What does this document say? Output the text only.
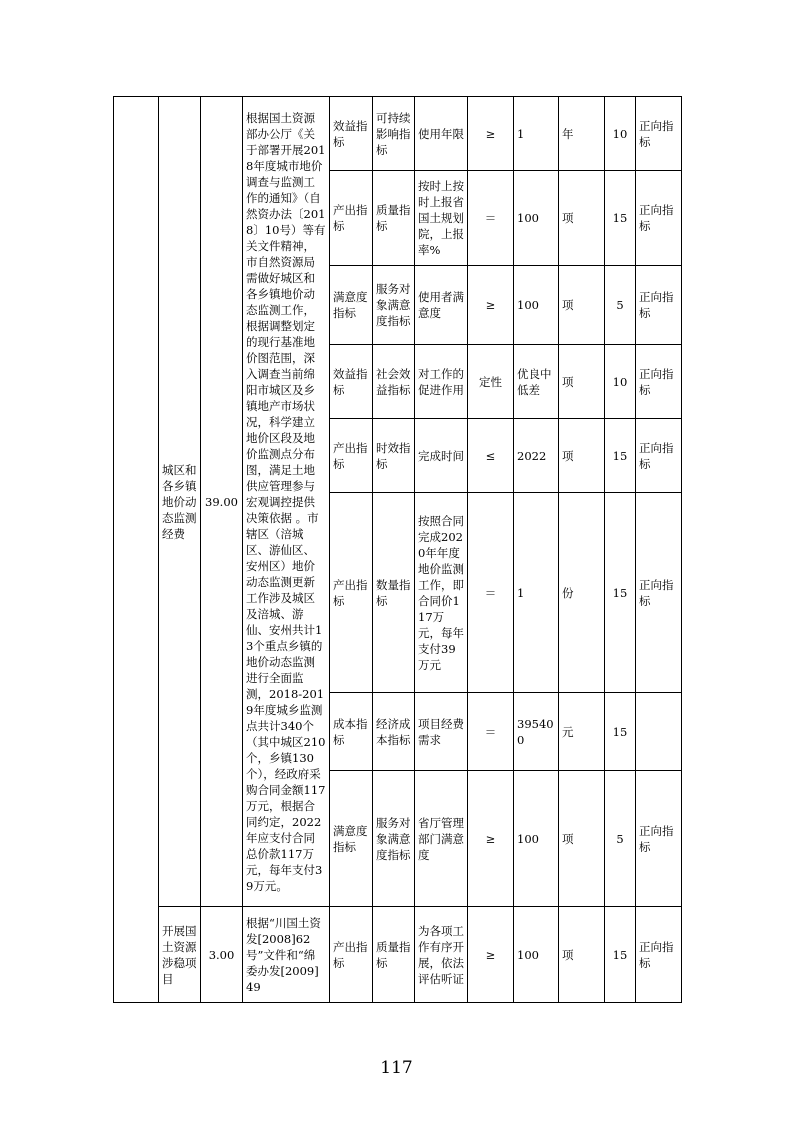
	城区和各乡镇地价动态监测经费	39.00	根据国土资源部办公厅《关于部署开展2018年度城市地价调查与监测工作的通知》（自然资办法〔2018〕10号）等有关文件精神，市自然资源局需做好城区和各乡镇地价动态监测工作，根据调整划定的现行基准地价图范围，深入调查当前绵阳市城区及乡镇地产市场状况，科学建立地价区段及地价监测点分布图，满足土地供应管理参与宏观调控提供决策依据 。市辖区（涪城区、游仙区、安州区）地价动态监测更新工作涉及城区及涪城、游仙、安州共计13个重点乡镇的地价动态监测进行全面监测，2018-2019年度城乡监测点共计340个（其中城区210个，乡镇130个），经政府采购合同金额117万元，根据合同约定，2022年应支付合同总价款117万元，每年支付39万元。	效益指标	可持续影响指标	使用年限	≥	1	年	10	正向指标
				产出指标	质量指标	按时上按时上报省国土规划院，上报率%	＝	100	项	15	正向指标
				满意度指标	服务对象满意度指标	使用者满意度	≥	100	项	5	正向指标
				效益指标	社会效益指标	对工作的促进作用	定性	优良中低差	项	10	正向指标
				产出指标	时效指标	完成时间	≤	2022	项	15	正向指标
				产出指标	数量指标	按照合同完成2020年年度地价监测工作，即合同价117万元，每年支付39万元	＝	1	份	15	正向指标
				成本指标	经济成本指标	项目经费需求	＝	395400	元	15	
				满意度指标	服务对象满意度指标	省厅管理部门满意度	≥	100	项	5	正向指标
	开展国土资源涉稳项目	3.00	根据“川国土资发[2008]62号”文件和“绵委办发[2009]49	产出指标	质量指标	为各项工作有序开展，依法评估听证	≥	100	项	15	正向指标
117
